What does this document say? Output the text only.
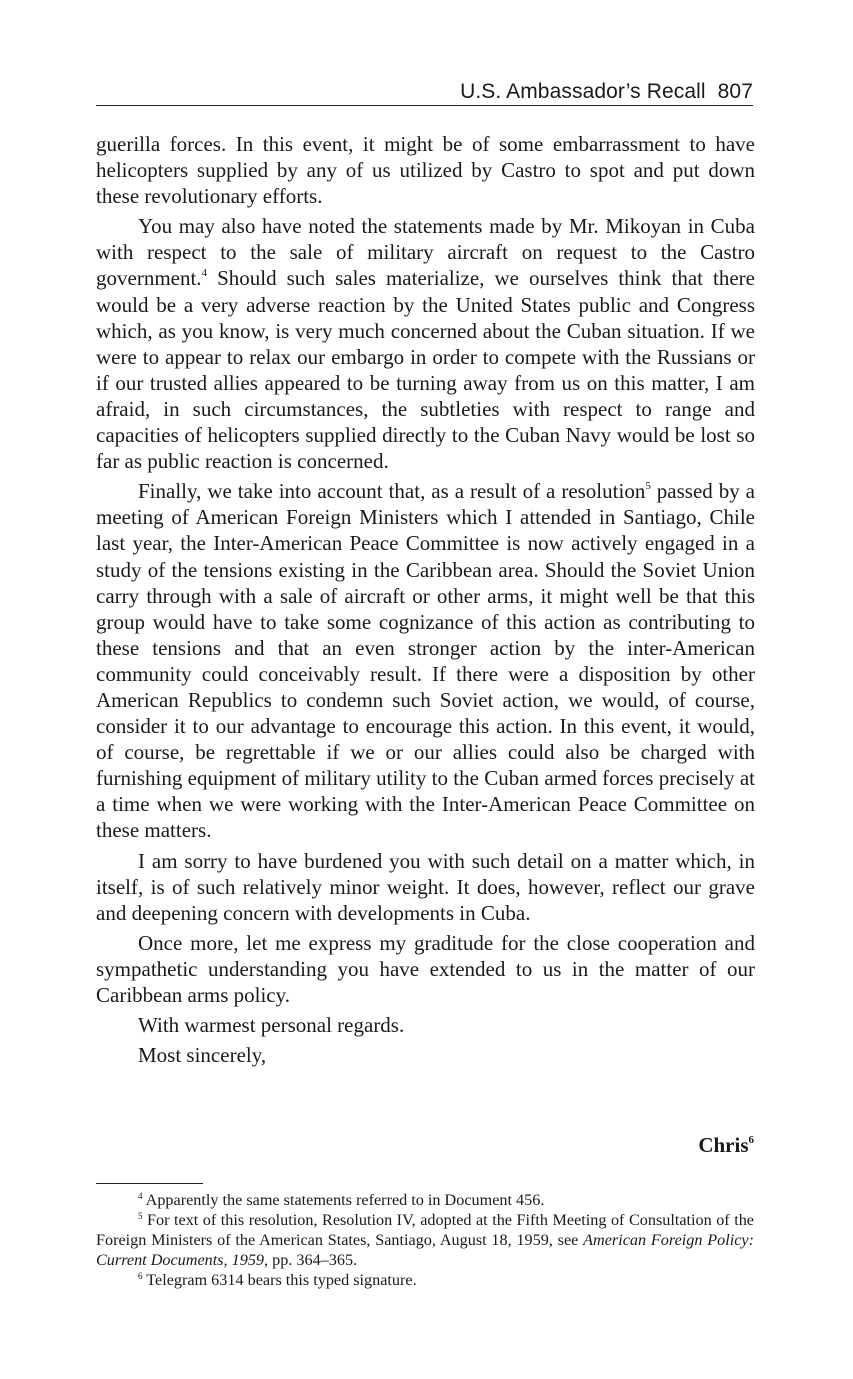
U.S. Ambassador’s Recall 807

guerilla forces. In this event, it might be of some embarrassment to have helicopters supplied by any of us utilized by Castro to spot and put down these revolutionary efforts.

You may also have noted the statements made by Mr. Mikoyan in Cuba with respect to the sale of military aircraft on request to the Castro government.$^4$ Should such sales materialize, we ourselves think that there would be a very adverse reaction by the United States public and Congress which, as you know, is very much concerned about the Cuban situation. If we were to appear to relax our embargo in order to compete with the Russians or if our trusted allies appeared to be turning away from us on this matter, I am afraid, in such circumstances, the subtleties with respect to range and capacities of helicopters supplied directly to the Cuban Navy would be lost so far as public reaction is concerned.

Finally, we take into account that, as a result of a resolution$^5$ passed by a meeting of American Foreign Ministers which I attended in Santiago, Chile last year, the Inter-American Peace Committee is now actively engaged in a study of the tensions existing in the Caribbean area. Should the Soviet Union carry through with a sale of aircraft or other arms, it might well be that this group would have to take some cognizance of this action as contributing to these tensions and that an even stronger action by the inter-American community could conceivably result. If there were a disposition by other American Republics to condemn such Soviet action, we would, of course, consider it to our advantage to encourage this action. In this event, it would, of course, be regrettable if we or our allies could also be charged with furnishing equipment of military utility to the Cuban armed forces precisely at a time when we were working with the Inter-American Peace Committee on these matters.

I am sorry to have burdened you with such detail on a matter which, in itself, is of such relatively minor weight. It does, however, reflect our grave and deepening concern with developments in Cuba.

Once more, let me express my graditude for the close cooperation and sympathetic understanding you have extended to us in the matter of our Caribbean arms policy.

With warmest personal regards.

Most sincerely,

Chris$^6$

$^4$ Apparently the same statements referred to in Document 456.

$^5$ For text of this resolution, Resolution IV, adopted at the Fifth Meeting of Consultation of the Foreign Ministers of the American States, Santiago, August 18, 1959, see American Foreign Policy: Current Documents, 1959, pp. 364–365.

$^6$ Telegram 6314 bears this typed signature.
